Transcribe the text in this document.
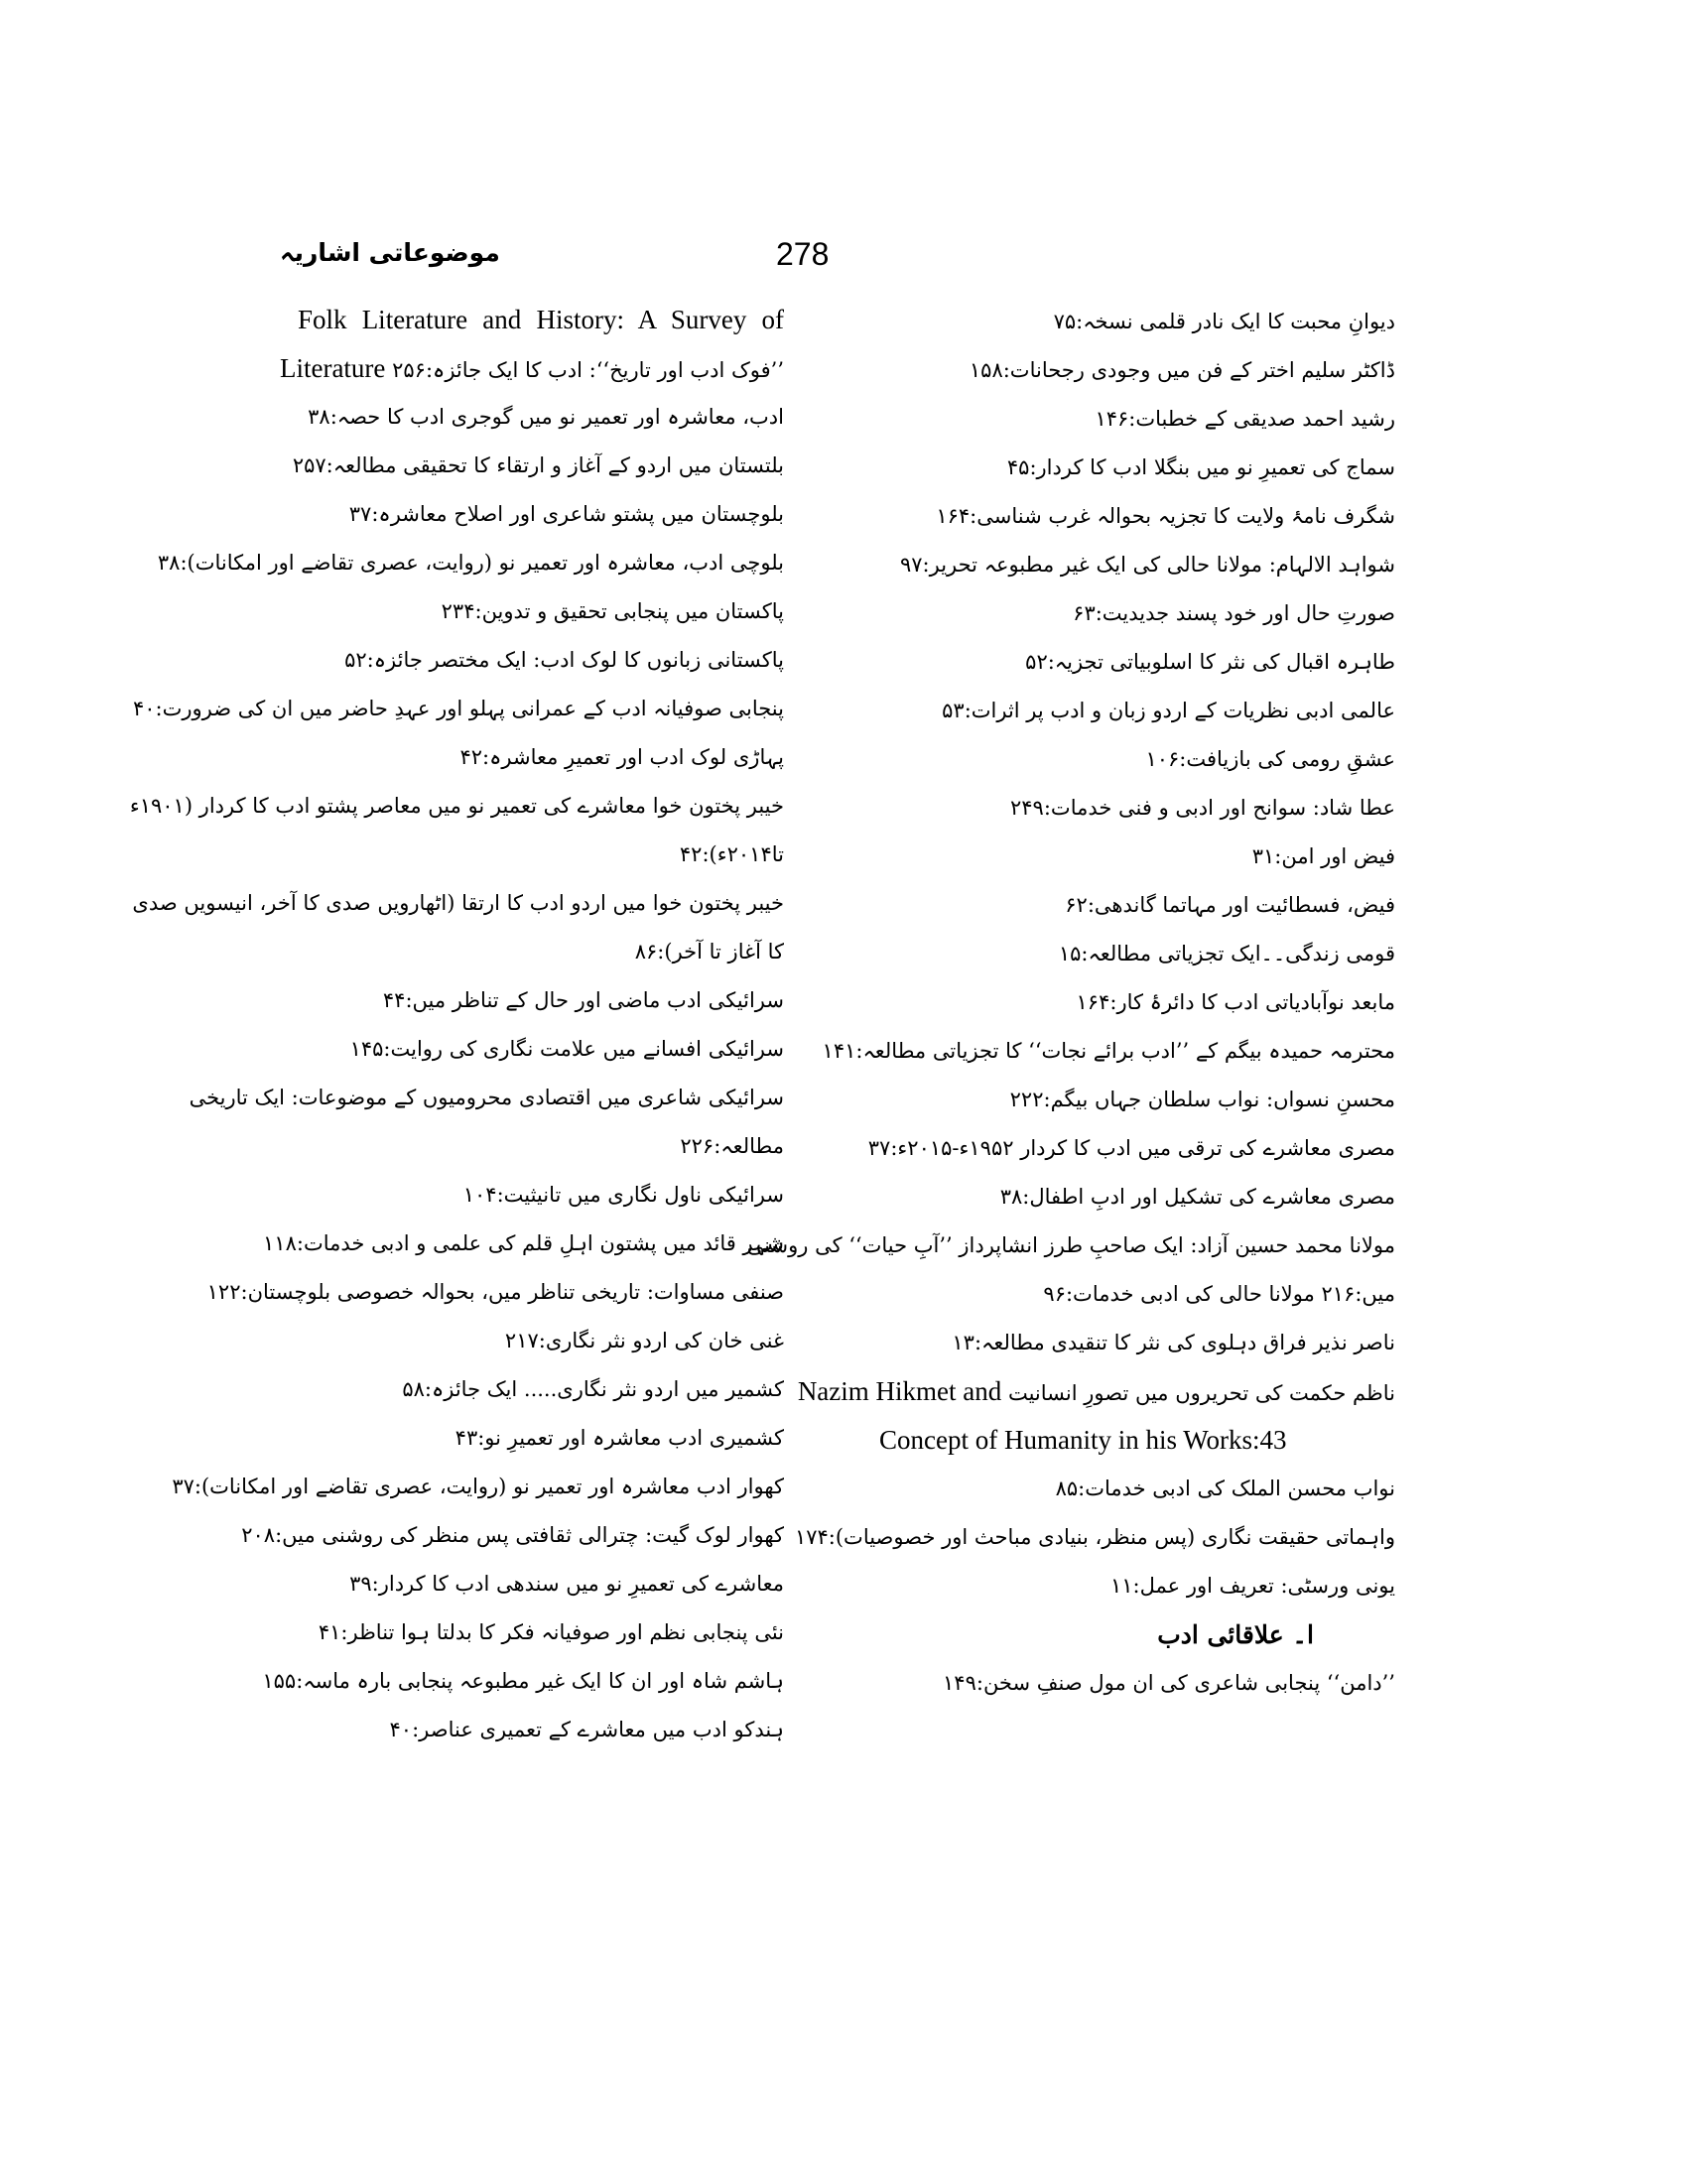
278
موضوعاتی اشاریہ
Folk Literature and History: A Survey of
’’فوک ادب اور تاریخ‘‘: ادب کا ایک جائزہ:۲۵۶ Literature
ادب، معاشرہ اور تعمیر نو میں گوجری ادب کا حصہ:۳۸
بلتستان میں اردو کے آغاز و ارتقاء کا تحقیقی مطالعہ:۲۵۷
بلوچستان میں پشتو شاعری اور اصلاح معاشرہ:۳۷
بلوچی ادب، معاشرہ اور تعمیر نو (روایت، عصری تقاضے اور امکانات):۳۸
پاکستان میں پنجابی تحقیق و تدوین:۲۳۴
پاکستانی زبانوں کا لوک ادب: ایک مختصر جائزہ:۵۲
پنجابی صوفیانہ ادب کے عمرانی پہلو اور عہدِ حاضر میں ان کی ضرورت:۴۰
پہاڑی لوک ادب اور تعمیرِ معاشرہ:۴۲
خیبر پختون خوا معاشرے کی تعمیر نو میں معاصر پشتو ادب کا کردار (۱۹۰۱ء
تا۲۰۱۴ء):۴۲
خیبر پختون خوا میں اردو ادب کا ارتقا (اٹھارویں صدی کا آخر، انیسویں صدی
کا آغاز تا آخر):۸۶
سرائیکی ادب ماضی اور حال کے تناظر میں:۴۴
سرائیکی افسانے میں علامت نگاری کی روایت:۱۴۵
سرائیکی شاعری میں اقتصادی محرومیوں کے موضوعات: ایک تاریخی
مطالعہ:۲۲۶
سرائیکی ناول نگاری میں تانیثیت:۱۰۴
شہر قائد میں پشتون اہلِ قلم کی علمی و ادبی خدمات:۱۱۸
صنفی مساوات: تاریخی تناظر میں، بحوالہ خصوصی بلوچستان:۱۲۲
غنی خان کی اردو نثر نگاری:۲۱۷
کشمیر میں اردو نثر نگاری..... ایک جائزہ:۵۸
کشمیری ادب معاشرہ اور تعمیرِ نو:۴۳
کھوار ادب معاشرہ اور تعمیر نو (روایت، عصری تقاضے اور امکانات):۳۷
کھوار لوک گیت: چترالی ثقافتی پس منظر کی روشنی میں:۲۰۸
معاشرے کی تعمیرِ نو میں سندھی ادب کا کردار:۳۹
نئی پنجابی نظم اور صوفیانہ فکر کا بدلتا ہوا تناظر:۴۱
ہاشم شاہ اور ان کا ایک غیر مطبوعہ پنجابی بارہ ماسہ:۱۵۵
ہندکو ادب میں معاشرے کے تعمیری عناصر:۴۰
دیوانِ محبت کا ایک نادر قلمی نسخہ:۷۵
ڈاکٹر سلیم اختر کے فن میں وجودی رجحانات:۱۵۸
رشید احمد صدیقی کے خطبات:۱۴۶
سماج کی تعمیرِ نو میں بنگلا ادب کا کردار:۴۵
شگرف نامۂ ولایت کا تجزیہ بحوالہ غرب شناسی:۱۶۴
شواہد الالہام: مولانا حالی کی ایک غیر مطبوعہ تحریر:۹۷
صورتِ حال اور خود پسند جدیدیت:۶۳
طاہرہ اقبال کی نثر کا اسلوبیاتی تجزیہ:۵۲
عالمی ادبی نظریات کے اردو زبان و ادب پر اثرات:۵۳
عشقِ رومی کی بازیافت:۱۰۶
عطا شاد: سوانح اور ادبی و فنی خدمات:۲۴۹
فیض اور امن:۳۱
فیض، فسطائیت اور مہاتما گاندھی:۶۲
قومی زندگی۔۔ایک تجزیاتی مطالعہ:۱۵
مابعد نوآبادیاتی ادب کا دائرۂ کار:۱۶۴
محترمہ حمیدہ بیگم کے ’’ادب برائے نجات‘‘ کا تجزیاتی مطالعہ:۱۴۱
محسنِ نسواں: نواب سلطان جہاں بیگم:۲۲۲
مصری معاشرے کی ترقی میں ادب کا کردار ۱۹۵۲ء-۲۰۱۵ء:۳۷
مصری معاشرے کی تشکیل اور ادبِ اطفال:۳۸
مولانا محمد حسین آزاد: ایک صاحبِ طرز انشاپرداز ’’آبِ حیات‘‘ کی روشنی
میں:۲۱۶ مولانا حالی کی ادبی خدمات:۹۶
ناصر نذیر فراق دہلوی کی نثر کا تنقیدی مطالعہ:۱۳
ناظم حکمت کی تحریروں میں تصورِ انسانیت Nazim Hikmet and
Concept of Humanity in his Works:43
نواب محسن الملک کی ادبی خدمات:۸۵
واہماتی حقیقت نگاری (پس منظر، بنیادی مباحث اور خصوصیات):۱۷۴
یونی ورسٹی: تعریف اور عمل:۱۱
ا۔ علاقائی ادب
’’دامن‘‘ پنجابی شاعری کی ان مول صنفِ سخن:۱۴۹
